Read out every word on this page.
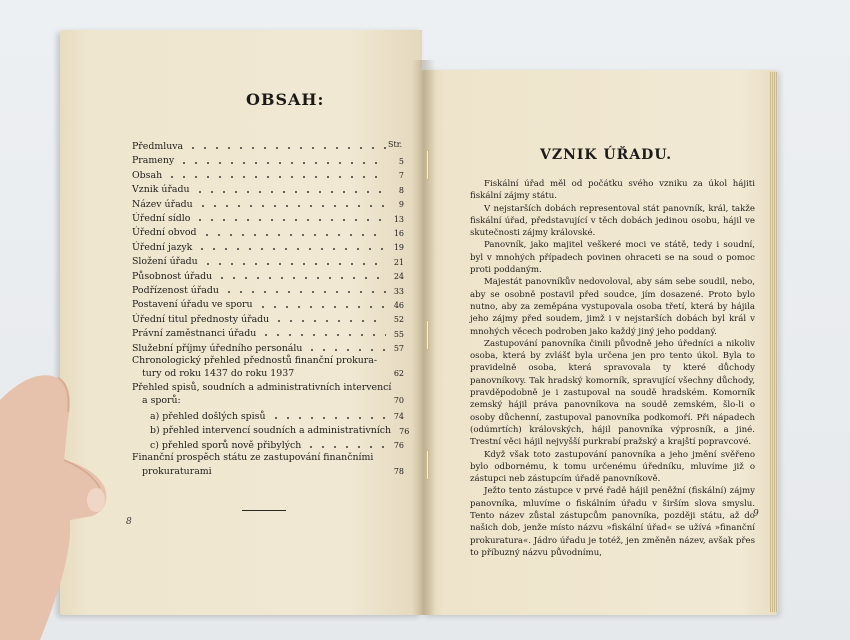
OBSAH:
Str.
Předmluva
Prameny	5
Obsah	7
Vznik úřadu	8
Název úřadu	9
Úřední sídlo	13
Úřední obvod	16
Úřední jazyk	19
Složení úřadu	21
Působnost úřadu	24
Podřízenost úřadu	33
Postavení úřadu ve sporu	46
Úřední titul přednosty úřadu	52
Právní zaměstnanci úřadu	55
Služební příjmy úředního personálu	57
Chronologický přehled přednostů finanční prokura-
tury od roku 1437 do roku 1937	62
Přehled spisů, soudních a administrativních intervencí
a sporů:	70
a) přehled došlých spisů	74
b) přehled intervencí soudních a administrativních 76
c) přehled sporů nově přibylých	76
Finanční prospěch státu ze zastupování finančními
prokuraturami	78
8
VZNIK ÚŘADU.

Fiskální úřad měl od počátku svého vzniku za úkol hájiti fiskální zájmy státu.

V nejstarších dobách representoval stát panovník, král, takže fiskální úřad, představující v těch dobách jedinou osobu, hájil ve skutečnosti zájmy královské.

Panovník, jako majitel veškeré moci ve státě, tedy i soudní, byl v mnohých případech povinen ohraceti se na soud o pomoc proti poddaným.

Majestát panovníkův nedovoloval, aby sám sebe soudil, nebo, aby se osobně postavil před soudce, jím dosazené. Proto bylo nutno, aby za zeměpána vystupovala osoba třetí, která by hájila jeho zájmy před soudem, jimž i v nejstarších dobách byl král v mnohých věcech podroben jako každý jiný jeho poddaný.

Zastupování panovníka činili původně jeho úředníci a nikoliv osoba, která by zvlášť byla určena jen pro tento úkol. Byla to pravidelně osoba, která spravovala ty které důchody panovníkovy. Tak hradský komorník, spravující všechny důchody, pravděpodobně je i zastupoval na soudě hradském. Komorník zemský hájil práva panovníkova na soudě zemském, šlo-li o osoby důchenní, zastupoval panovníka podkomoří. Při nápadech (odúmrtích) královských, hájil panovníka výprosník, a jiné. Trestní věci hájil nejvyšší purkrabí pražský a krajští popravcové.

Když však toto zastupování panovníka a jeho jmění svěřeno bylo odbornému, k tomu určenému úředníku, mluvíme již o zástupci neb zástupcím úřadě panovníkově.

Ježto tento zástupce v prvé řadě hájil peněžní (fiskální) zájmy panovníka, mluvíme o fiskálním úřadu v širším slova smyslu. Tento název zůstal zástupcům panovníka, později státu, až do našich dob, jenže místo názvu »fiskální úřad« se užívá »finanční prokuratura«. Jádro úřadu je totéž, jen změněn název, avšak přes to příbuzný názvu původnímu,

9
